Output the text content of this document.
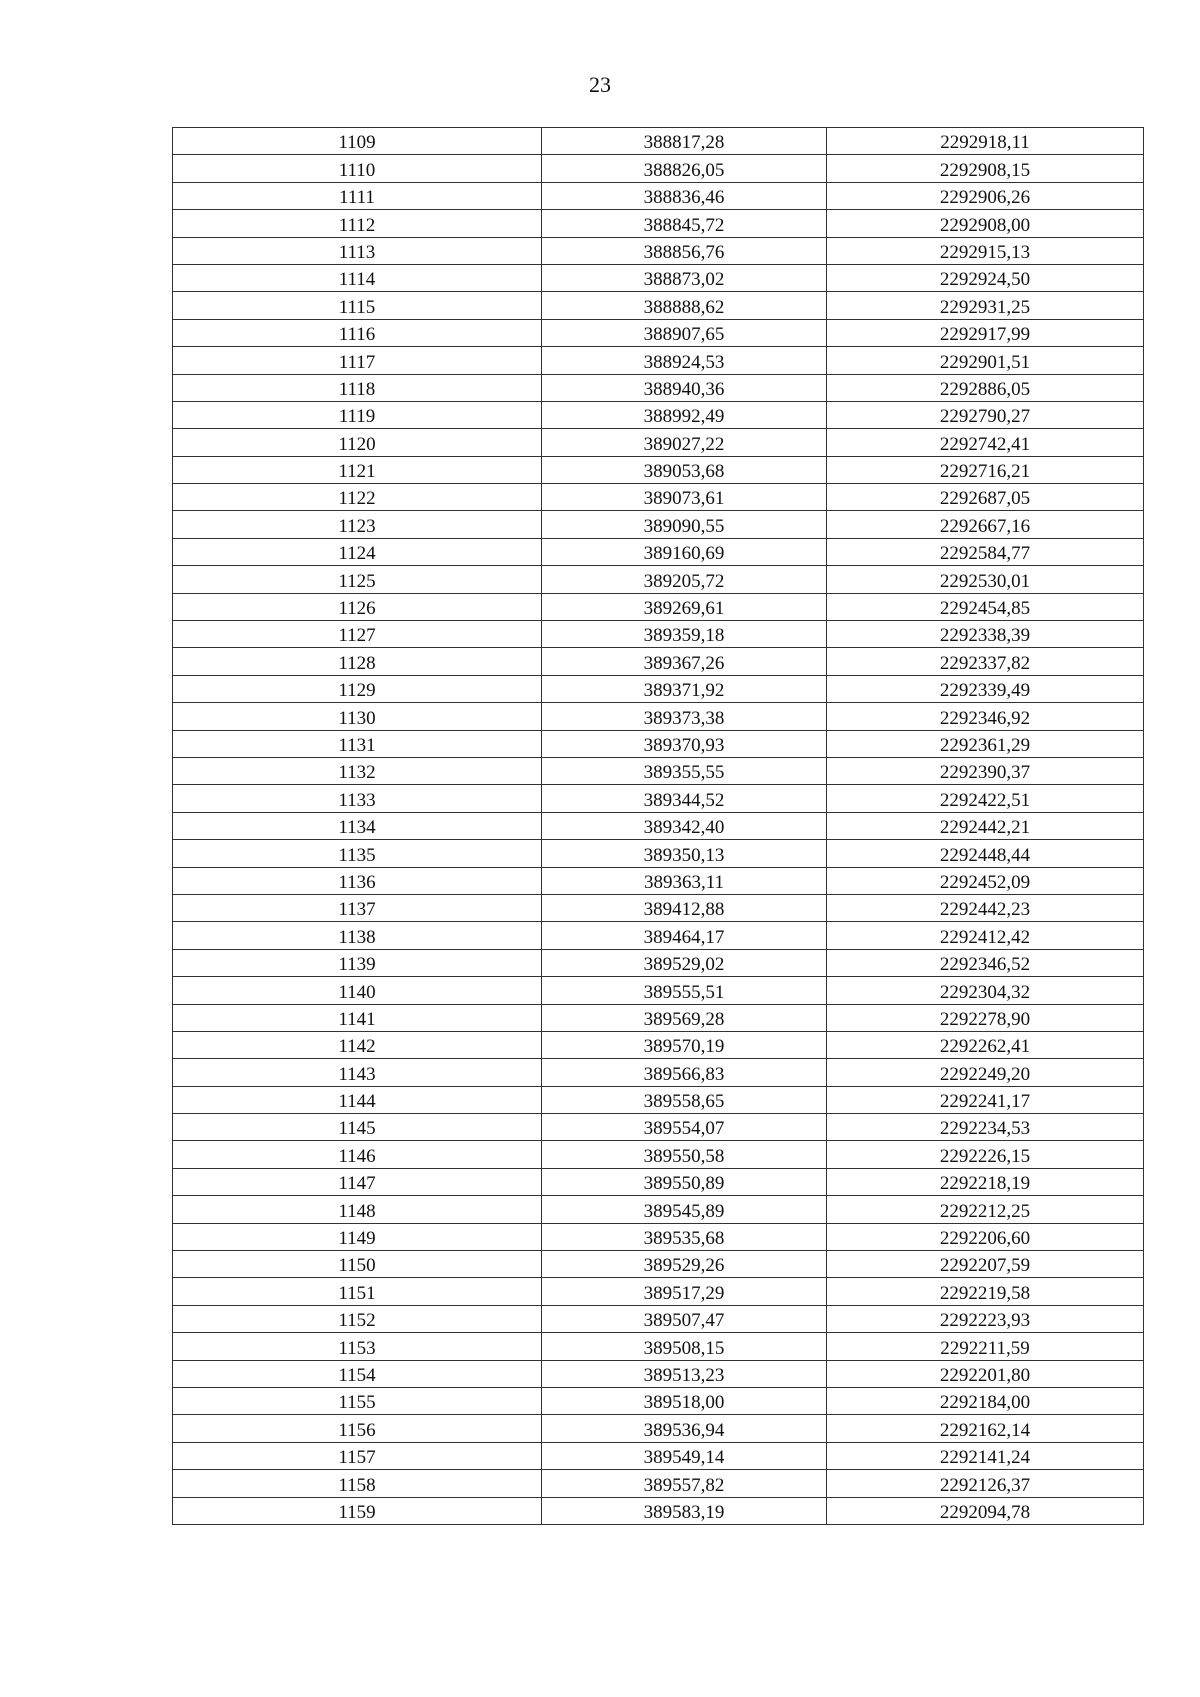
23
1109	388817,28	2292918,11
1110	388826,05	2292908,15
1111	388836,46	2292906,26
1112	388845,72	2292908,00
1113	388856,76	2292915,13
1114	388873,02	2292924,50
1115	388888,62	2292931,25
1116	388907,65	2292917,99
1117	388924,53	2292901,51
1118	388940,36	2292886,05
1119	388992,49	2292790,27
1120	389027,22	2292742,41
1121	389053,68	2292716,21
1122	389073,61	2292687,05
1123	389090,55	2292667,16
1124	389160,69	2292584,77
1125	389205,72	2292530,01
1126	389269,61	2292454,85
1127	389359,18	2292338,39
1128	389367,26	2292337,82
1129	389371,92	2292339,49
1130	389373,38	2292346,92
1131	389370,93	2292361,29
1132	389355,55	2292390,37
1133	389344,52	2292422,51
1134	389342,40	2292442,21
1135	389350,13	2292448,44
1136	389363,11	2292452,09
1137	389412,88	2292442,23
1138	389464,17	2292412,42
1139	389529,02	2292346,52
1140	389555,51	2292304,32
1141	389569,28	2292278,90
1142	389570,19	2292262,41
1143	389566,83	2292249,20
1144	389558,65	2292241,17
1145	389554,07	2292234,53
1146	389550,58	2292226,15
1147	389550,89	2292218,19
1148	389545,89	2292212,25
1149	389535,68	2292206,60
1150	389529,26	2292207,59
1151	389517,29	2292219,58
1152	389507,47	2292223,93
1153	389508,15	2292211,59
1154	389513,23	2292201,80
1155	389518,00	2292184,00
1156	389536,94	2292162,14
1157	389549,14	2292141,24
1158	389557,82	2292126,37
1159	389583,19	2292094,78
